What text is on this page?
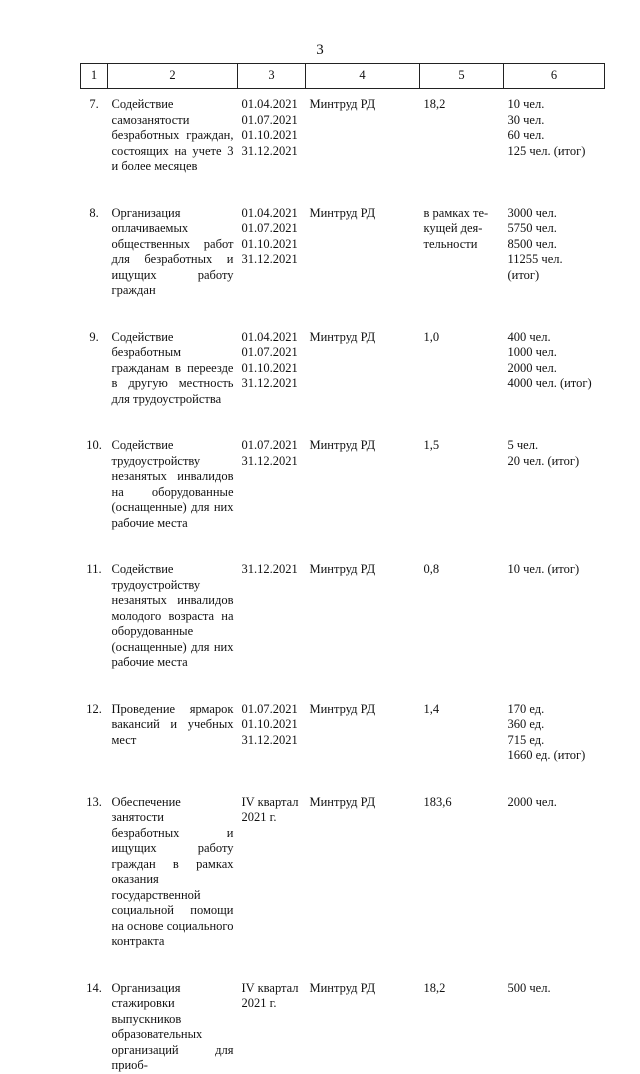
3
1	2	3	4	5	6
7.	Содействие самозанятости безработных граждан, состоящих на учете 3 и более месяцев	01.04.2021
01.07.2021
01.10.2021
31.12.2021	Минтруд РД	18,2	10 чел.
30 чел.
60 чел.
125 чел. (итог)

8.	Организация оплачиваемых общественных работ для безработных и ищущих работу граждан	01.04.2021
01.07.2021
01.10.2021
31.12.2021	Минтруд РД	в рамках те-
кущей дея-
тельности	3000 чел.
5750 чел.
8500 чел.
11255 чел.
(итог)

9.	Содействие безработным гражданам в переезде в другую местность для трудоустройства	01.04.2021
01.07.2021
01.10.2021
31.12.2021	Минтруд РД	1,0	400 чел.
1000 чел.
2000 чел.
4000 чел. (итог)

10.	Содействие трудоустройству незанятых инвалидов на оборудованные (оснащенные) для них рабочие места	01.07.2021
31.12.2021	Минтруд РД	1,5	5 чел.
20 чел. (итог)

11.	Содействие трудоустройству незанятых инвалидов молодого возраста на оборудованные (оснащенные) для них рабочие места	31.12.2021	Минтруд РД	0,8	10 чел. (итог)

12.	Проведение ярмарок вакансий и учебных мест	01.07.2021
01.10.2021
31.12.2021	Минтруд РД	1,4	170 ед.
360 ед.
715 ед.
1660 ед. (итог)

13.	Обеспечение занятости безработных и ищущих работу граждан в рамках оказания государственной социальной помощи на основе социального контракта	IV квартал
2021 г.	Минтруд РД	183,6	2000 чел.

14.	Организация стажировки выпускников образовательных организаций для приоб-	IV квартал
2021 г.	Минтруд РД	18,2	500 чел.
